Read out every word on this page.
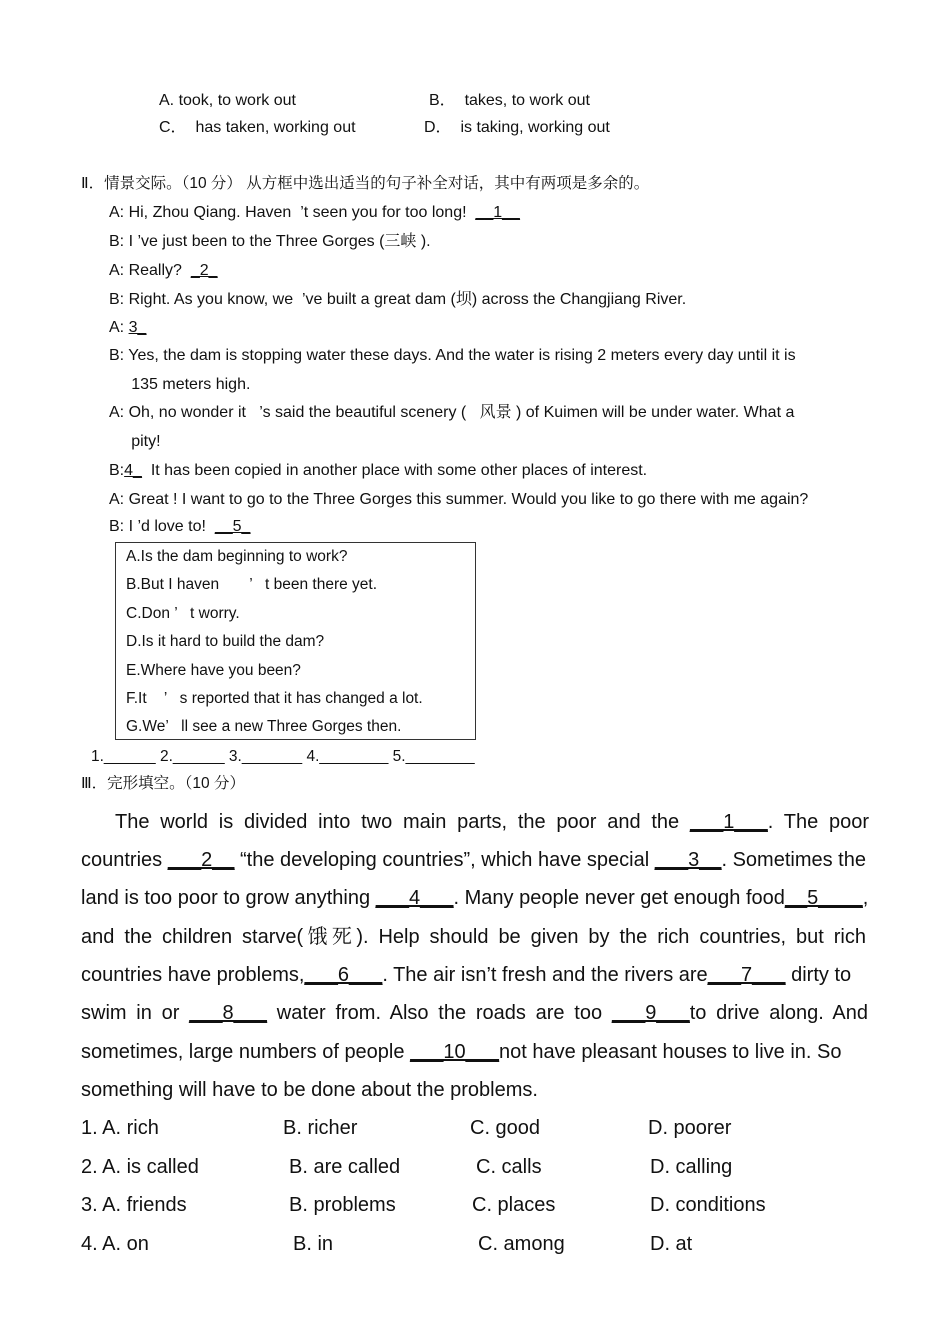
A. took, to work out	B．  takes, to work out
C．  has taken, working out	D．  is taking, working out
Ⅱ．情景交际。（10 分） 从方框中选出适当的句子补全对话，其中有两项是多余的。
A: Hi, Zhou Qiang. Haven  ’t seen you for too long!  __1__
B: I ’ve just been to the Three Gorges (三峡 ).
A: Really?  _2_
B: Right. As you know, we  ’ve built a great dam (坝) across the Changjiang River.
A: 3_
B: Yes, the dam is stopping water these days. And the water is rising 2 meters every day until it is
135 meters high.
A: Oh, no wonder it   ’s said the beautiful scenery (   风景 ) of Kuimen will be under water. What a
pity!
B:4_  It has been copied in another place with some other places of interest.
A: Great ! I want to go to the Three Gorges this summer. Would you like to go there with me again?
B: I ’d love to!  __5_
A.Is the dam beginning to work?
B.But I haven       ’   t been there yet.
C.Don ’   t worry.
D.Is it hard to build the dam?
E.Where have you been?
F.It    ’   s reported that it has changed a lot.
G.We’   ll see a new Three Gorges then.
1.______ 2.______ 3._______ 4.________ 5.________
Ⅲ．完形填空。（10 分）
The world is divided into two main parts, the poor and the ___1___. The poor
countries ___2__ “the developing countries”, which have special ___3__. Sometimes the
land is too poor to grow anything ___4___. Many people never get enough food__5____,
and the children starve(饿死). Help should be given by the rich countries, but rich
countries have problems,___6___. The air isn’t fresh and the rivers are___7___ dirty to
swim in or ___8___ water from. Also the roads are too ___9___to drive along. And
sometimes, large numbers of people ___10___not have pleasant houses to live in. So
something will have to be done about the problems.
1. A. rich	B. richer	C. good	D. poorer
2. A. is called	B. are called	C. calls	D. calling
3. A. friends	B. problems	C. places	D. conditions
4. A. on	B. in	C. among	D. at
